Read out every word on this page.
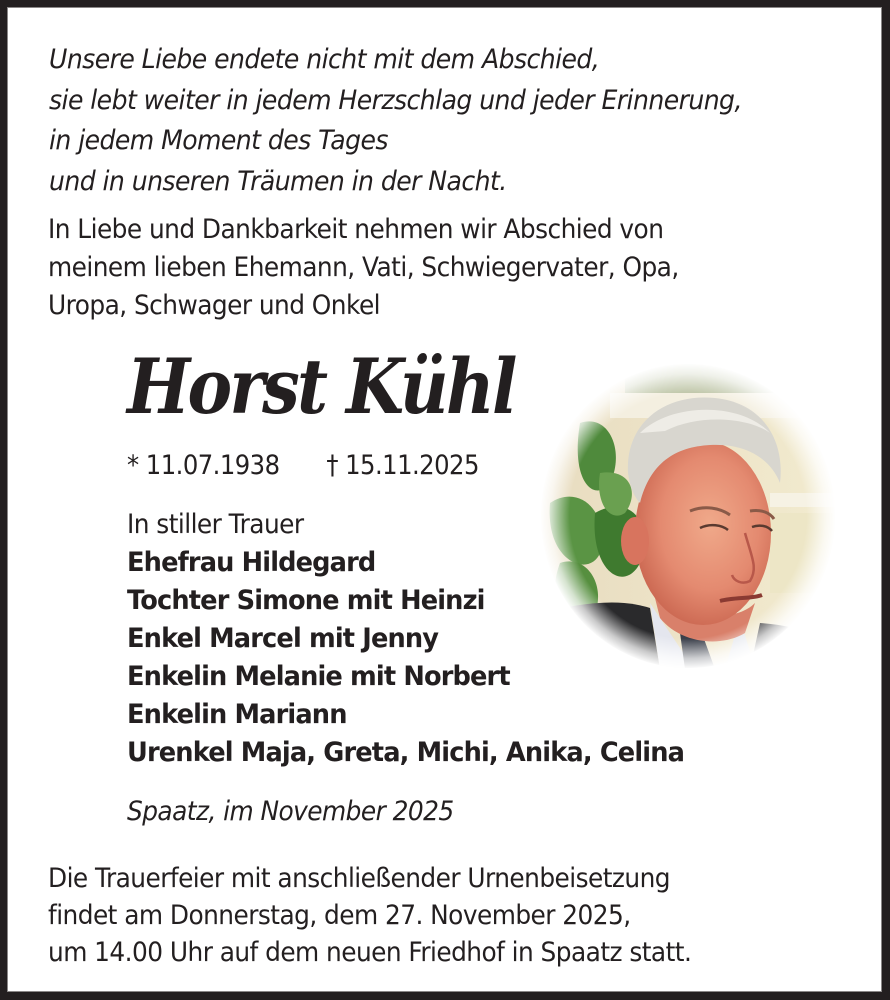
Unsere Liebe endete nicht mit dem Abschied,
sie lebt weiter in jedem Herzschlag und jeder Erinnerung,
in jedem Moment des Tages
und in unseren Träumen in der Nacht.
In Liebe und Dankbarkeit nehmen wir Abschied von
meinem lieben Ehemann, Vati, Schwiegervater, Opa,
Uropa, Schwager und Onkel
Horst Kühl
* 11.07.1938 † 15.11.2025
In stiller Trauer
Ehefrau Hildegard
Tochter Simone mit Heinzi
Enkel Marcel mit Jenny
Enkelin Melanie mit Norbert
Enkelin Mariann
Urenkel Maja, Greta, Michi, Anika, Celina
Spaatz, im November 2025
Die Trauerfeier mit anschließender Urnenbeisetzung
findet am Donnerstag, dem 27. November 2025,
um 14.00 Uhr auf dem neuen Friedhof in Spaatz statt.
